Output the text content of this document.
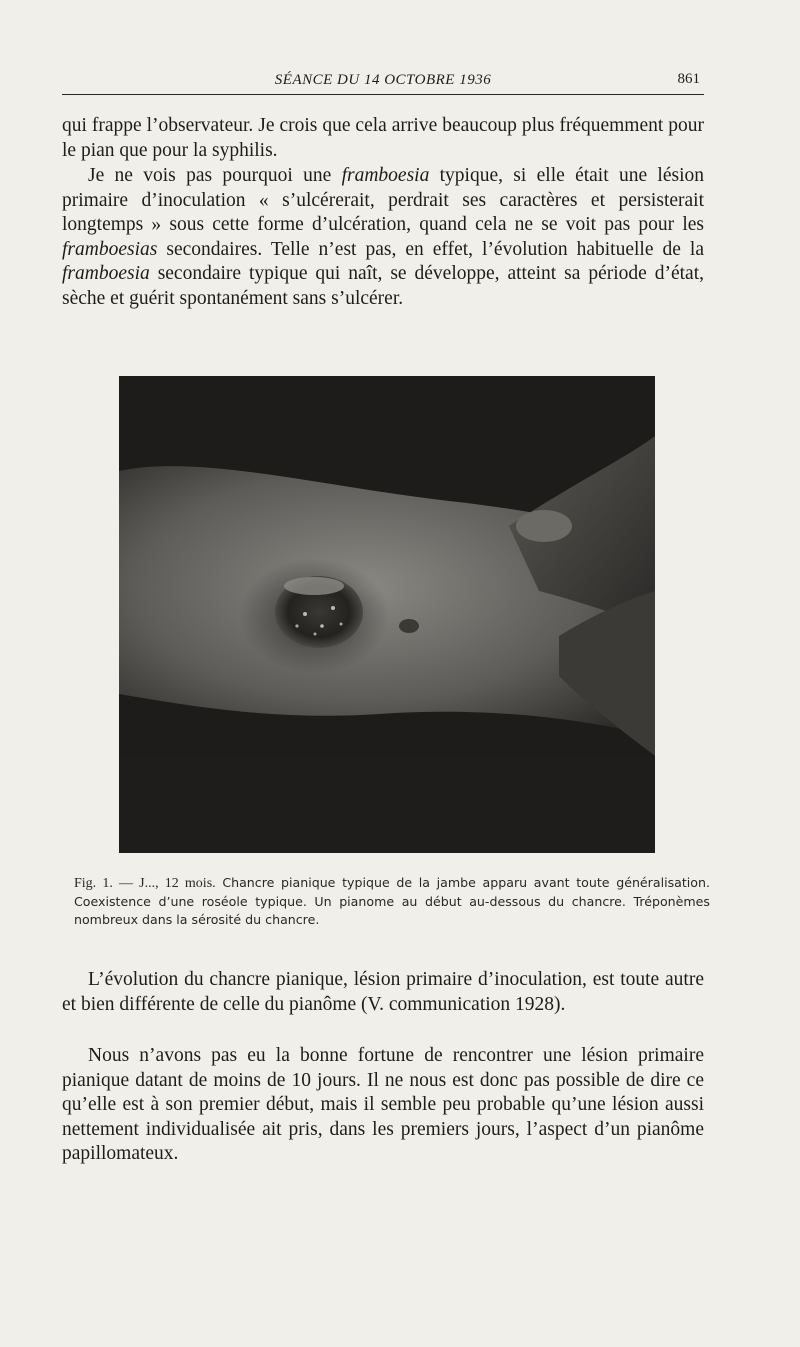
SÉANCE DU 14 OCTOBRE 1936	861

qui frappe l’observateur. Je crois que cela arrive beaucoup plus fréquemment pour le pian que pour la syphilis.

Je ne vois pas pourquoi une framboesia typique, si elle était une lésion primaire d’inoculation « s’ulcérerait, perdrait ses caractères et persisterait longtemps » sous cette forme d’ulcération, quand cela ne se voit pas pour les framboesias secondaires. Telle n’est pas, en effet, l’évolution habituelle de la framboesia secondaire typique qui naît, se développe, atteint sa période d’état, sèche et guérit spontanément sans s’ulcérer.

Fig. 1. — J..., 12 mois. Chancre pianique typique de la jambe apparu avant toute généralisation. Coexistence d’une roséole typique. Un pianome au début au-dessous du chancre. Tréponèmes nombreux dans la sérosité du chancre.

L’évolution du chancre pianique, lésion primaire d’inoculation, est toute autre et bien différente de celle du pianôme (V. communication 1928).

Nous n’avons pas eu la bonne fortune de rencontrer une lésion primaire pianique datant de moins de 10 jours. Il ne nous est donc pas possible de dire ce qu’elle est à son premier début, mais il semble peu probable qu’une lésion aussi nettement individualisée ait pris, dans les premiers jours, l’aspect d’un pianôme papillomateux.
